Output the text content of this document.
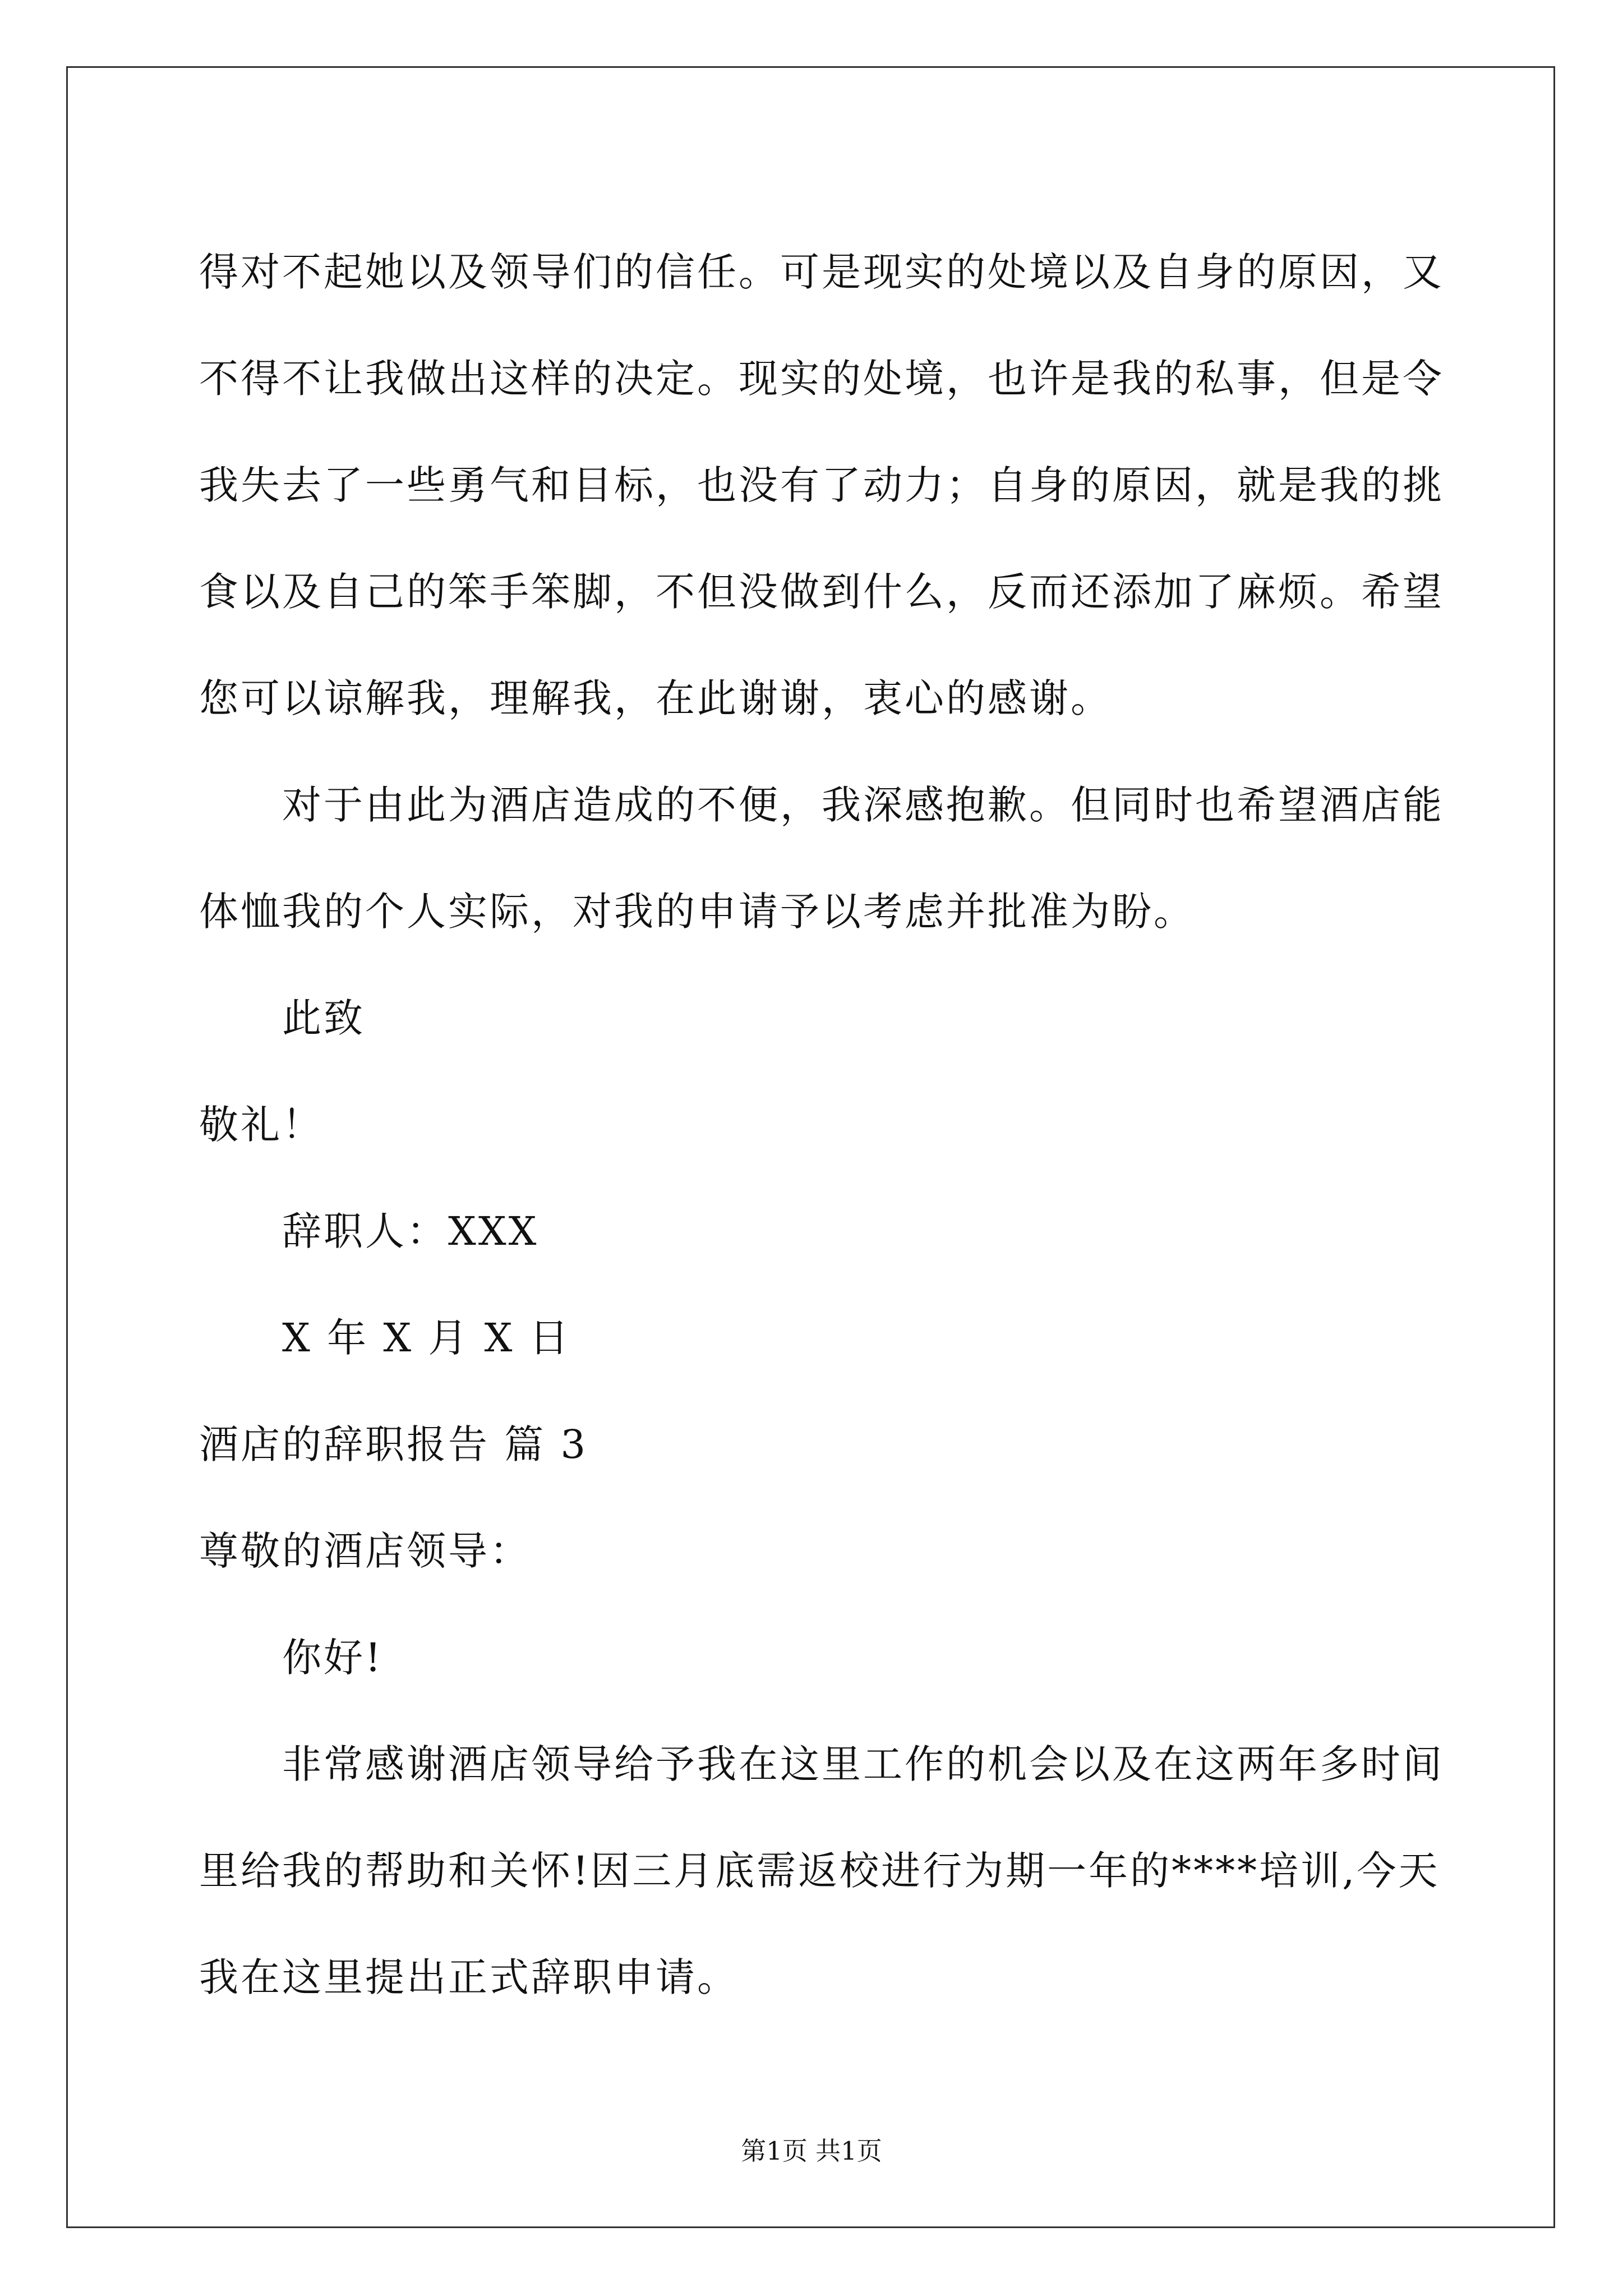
得对不起她以及领导们的信任。可是现实的处境以及自身的原因，又
不得不让我做出这样的决定。现实的处境，也许是我的私事，但是令
我失去了一些勇气和目标，也没有了动力；自身的原因，就是我的挑
食以及自己的笨手笨脚，不但没做到什么，反而还添加了麻烦。希望
您可以谅解我，理解我，在此谢谢，衷心的感谢。
对于由此为酒店造成的不便，我深感抱歉。但同时也希望酒店能
体恤我的个人实际，对我的申请予以考虑并批准为盼。
此致
敬礼！
辞职人：XXX
X 年 X 月 X 日
酒店的辞职报告 篇 3
尊敬的酒店领导：
你好!
非常感谢酒店领导给予我在这里工作的机会以及在这两年多时间
里给我的帮助和关怀!因三月底需返校进行为期一年的****培训,今天
我在这里提出正式辞职申请。
第1页 共1页
